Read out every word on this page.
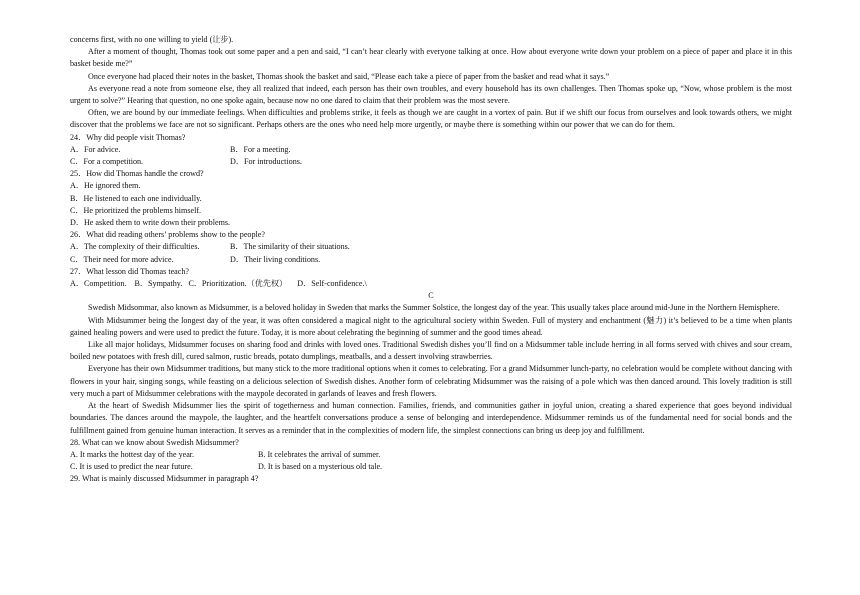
concerns first, with no one willing to yield (让步).

After a moment of thought, Thomas took out some paper and a pen and said, “I can’t hear clearly with everyone talking at once. How about everyone write down your problem on a piece of paper and place it in this basket beside me?”

Once everyone had placed their notes in the basket, Thomas shook the basket and said, “Please each take a piece of paper from the basket and read what it says.”

As everyone read a note from someone else, they all realized that indeed, each person has their own troubles, and every household has its own challenges. Then Thomas spoke up, “Now, whose problem is the most urgent to solve?” Hearing that question, no one spoke again, because now no one dared to claim that their problem was the most severe.

Often, we are bound by our immediate feelings. When difficulties and problems strike, it feels as though we are caught in a vortex of pain. But if we shift our focus from ourselves and look towards others, we might discover that the problems we face are not so significant. Perhaps others are the ones who need help more urgently, or maybe there is something within our power that we can do for them.

24．Why did people visit Thomas?

A．For advice.	B．For a meeting.
C．For a competition.	D．For introductions.

25．How did Thomas handle the crowd?

A．He ignored them.

B．He listened to each one individually.

C．He prioritized the problems himself.

D．He asked them to write down their problems.

26．What did reading others’ problems show to the people?

A．The complexity of their difficulties.	B．The similarity of their situations.
C．Their need for more advice.	D．Their living conditions.

27．What lesson did Thomas teach?

A．Competition. B．Sympathy. C．Prioritization.（优先权） D．Self-confidence.\

C

Swedish Midsommar, also known as Midsummer, is a beloved holiday in Sweden that marks the Summer Solstice, the longest day of the year. This usually takes place around mid-June in the Northern Hemisphere.

With Midsummer being the longest day of the year, it was often considered a magical night to the agricultural society within Sweden. Full of mystery and enchantment (魅力) it’s believed to be a time when plants gained healing powers and were used to predict the future. Today, it is more about celebrating the beginning of summer and the good times ahead.

Like all major holidays, Midsummer focuses on sharing food and drinks with loved ones. Traditional Swedish dishes you’ll find on a Midsummer table include herring in all forms served with chives and sour cream, boiled new potatoes with fresh dill, cured salmon, rustic breads, potato dumplings, meatballs, and a dessert involving strawberries.

Everyone has their own Midsummer traditions, but many stick to the more traditional options when it comes to celebrating. For a grand Midsummer lunch-party, no celebration would be complete without dancing with flowers in your hair, singing songs, while feasting on a delicious selection of Swedish dishes. Another form of celebrating Midsummer was the raising of a pole which was then danced around. This lovely tradition is still very much a part of Midsummer celebrations with the maypole decorated in garlands of leaves and fresh flowers.

At the heart of Swedish Midsummer lies the spirit of togetherness and human connection. Families, friends, and communities gather in joyful union, creating a shared experience that goes beyond individual boundaries. The dances around the maypole, the laughter, and the heartfelt conversations produce a sense of belonging and interdependence. Midsummer reminds us of the fundamental need for social bonds and the fulfillment gained from genuine human interaction. It serves as a reminder that in the complexities of modern life, the simplest connections can bring us deep joy and fulfillment.

28. What can we know about Swedish Midsummer?

A. It marks the hottest day of the year.	B. It celebrates the arrival of summer.
C. It is used to predict the near future.	D. It is based on a mysterious old tale.

29. What is mainly discussed Midsummer in paragraph 4?
